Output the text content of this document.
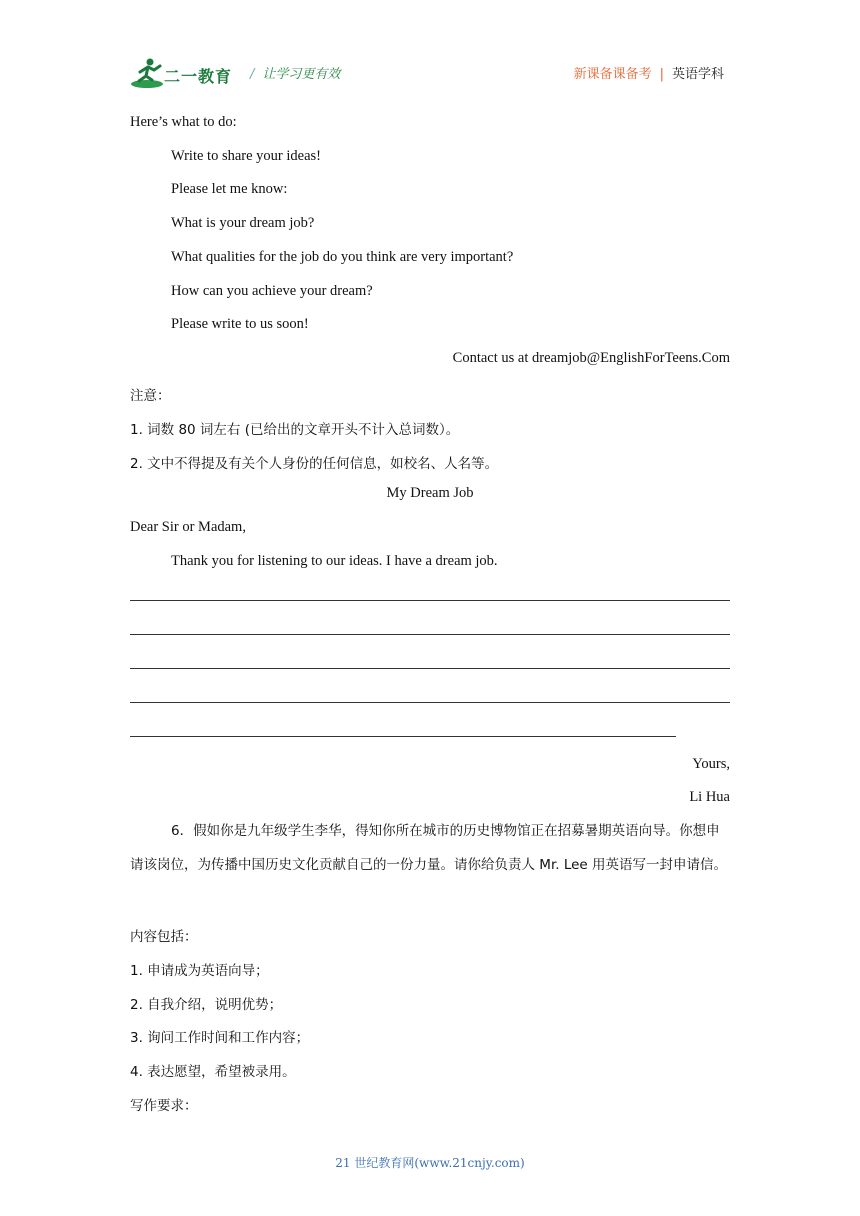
二一教育 / 让学习更有效	新课备课备考 | 英语学科
Here’s what to do:
Write to share your ideas!
Please let me know:
What is your dream job?
What qualities for the job do you think are very important?
How can you achieve your dream?
Please write to us soon!
Contact us at dreamjob@EnglishForTeens.Com
注意：
1. 词数 80 词左右 (已给出的文章开头不计入总词数）。
2. 文中不得提及有关个人身份的任何信息，如校名、人名等。
My Dream Job
Dear Sir or Madam,
Thank you for listening to our ideas. I have a dream job.
Yours,
Li Hua
6．假如你是九年级学生李华，得知你所在城市的历史博物馆正在招募暑期英语向导。你想申请该岗位，为传播中国历史文化贡献自己的一份力量。请你给负责人 Mr. Lee 用英语写一封申请信。
内容包括：
1. 申请成为英语向导；
2. 自我介绍，说明优势；
3. 询问工作时间和工作内容；
4. 表达愿望，希望被录用。
写作要求：
21 世纪教育网(www.21cnjy.com)
